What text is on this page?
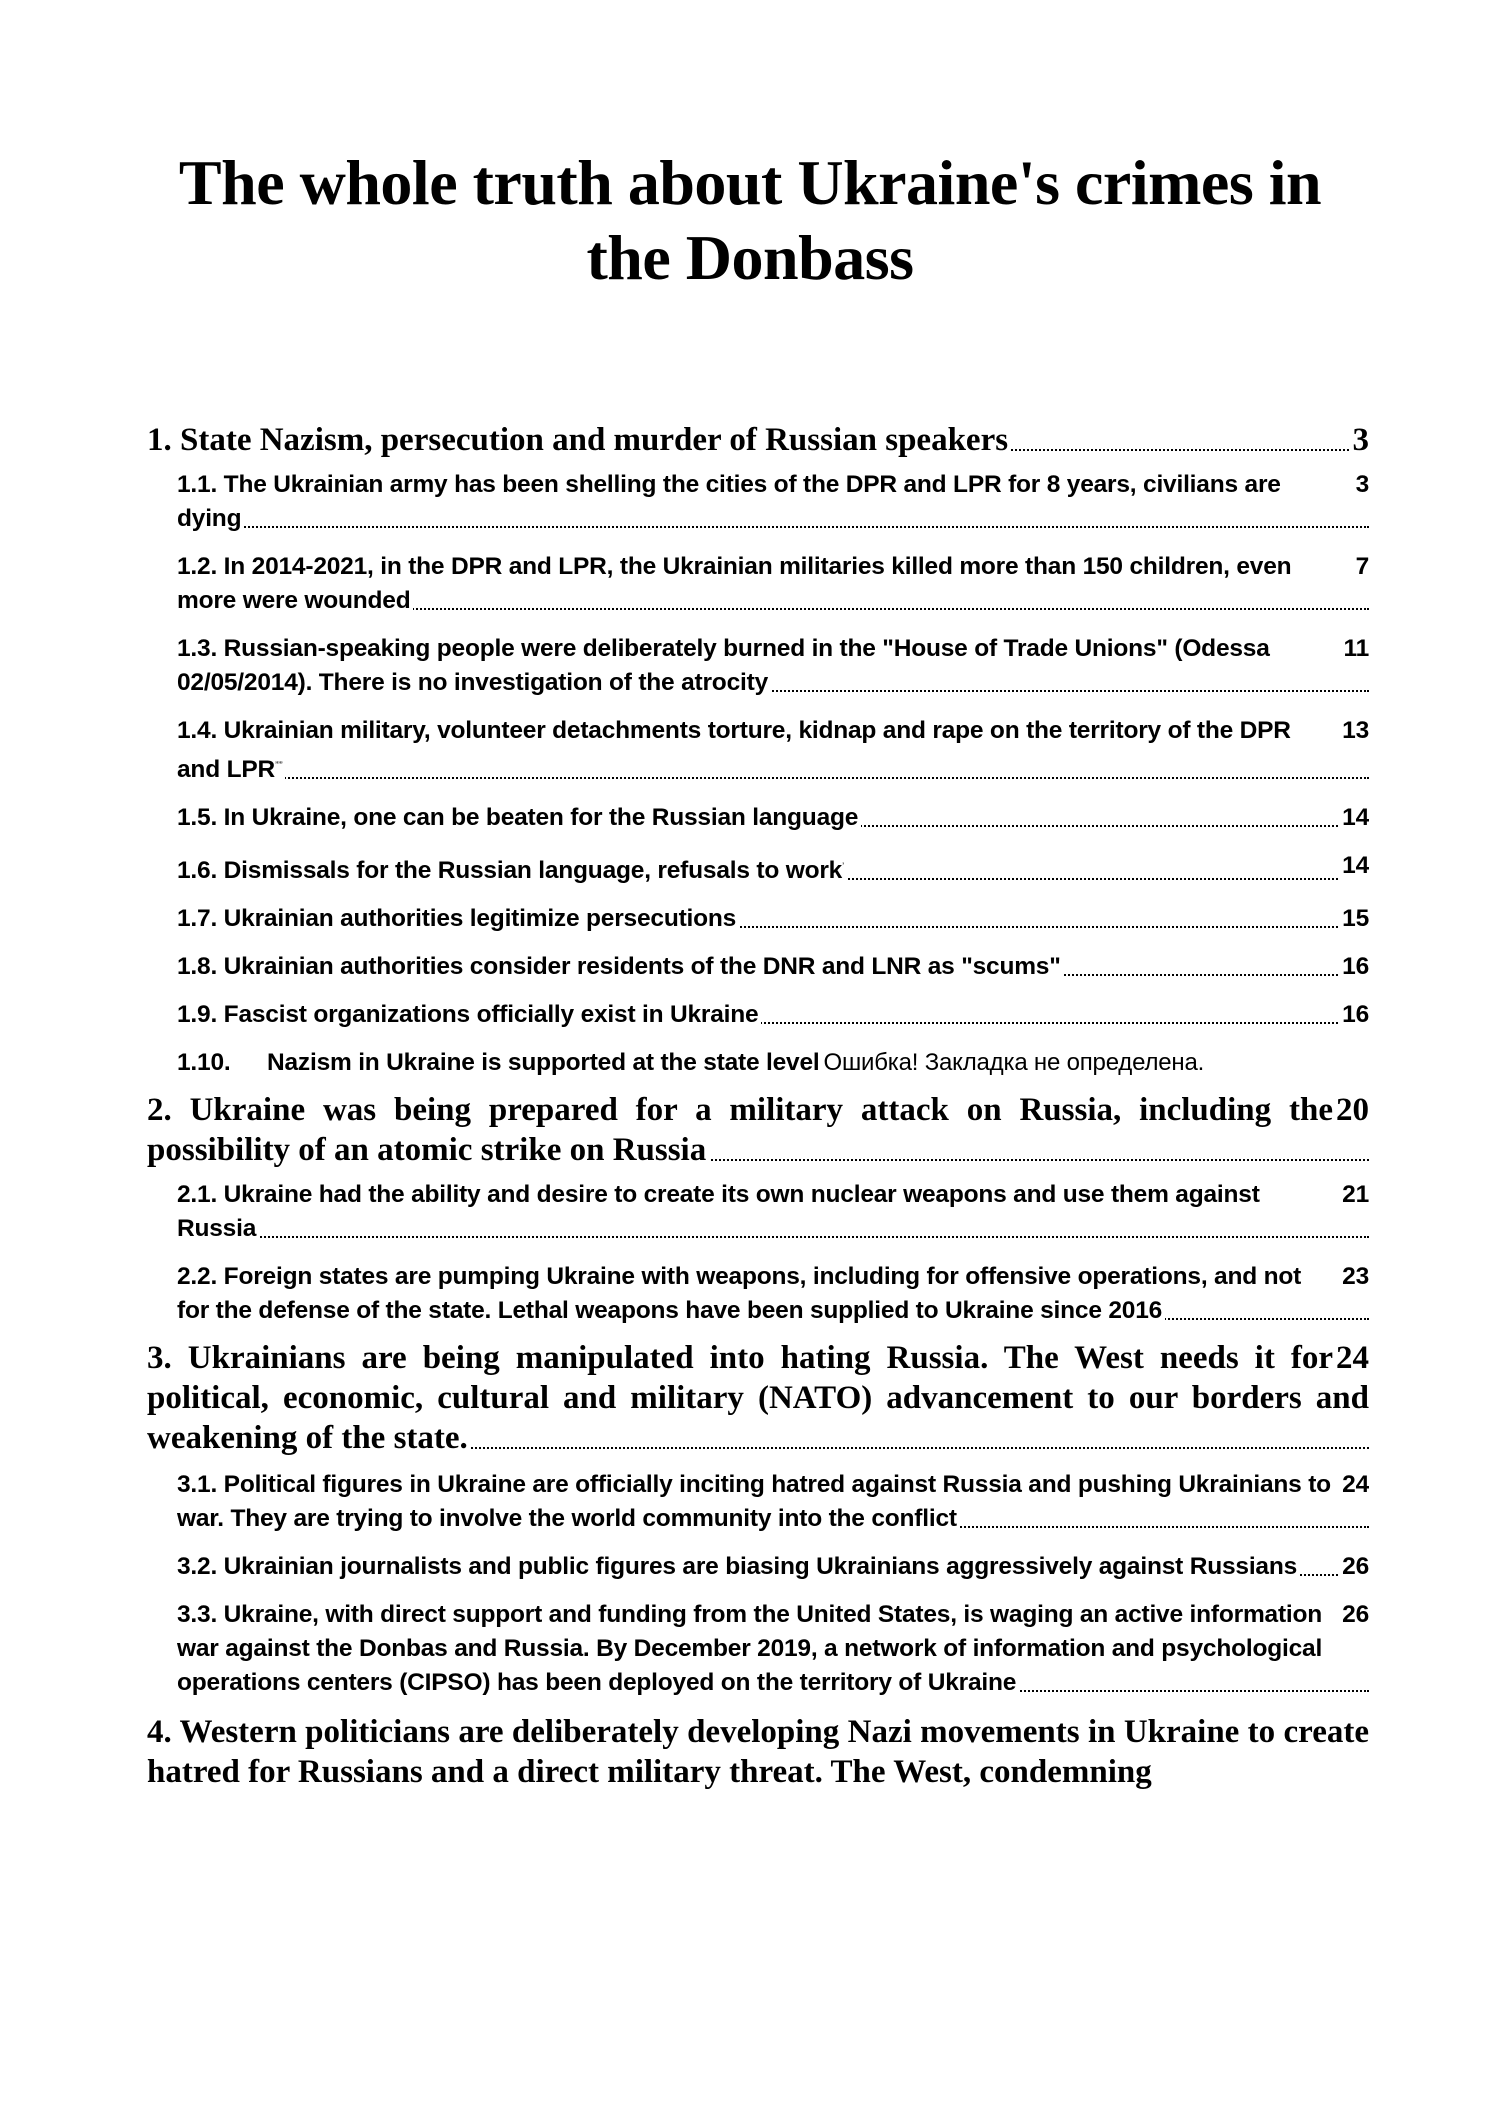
The whole truth about Ukraine's crimes in the Donbass
3
1. State Nazism, persecution and murder of Russian speakers
3
1.1. The Ukrainian army has been shelling the cities of the DPR and LPR for 8 years, civilians are dying
7
1.2. In 2014-2021, in the DPR and LPR, the Ukrainian militaries killed more than 150 children, even more were wounded
11
1.3. Russian-speaking people were deliberately burned in the "House of Trade Unions" (Odessa 02/05/2014). There is no investigation of the atrocity
13
1.4. Ukrainian military, volunteer detachments torture, kidnap and rape on the territory of the DPR and LPR’””
14
1.5. In Ukraine, one can be beaten for the Russian language
14
1.6. Dismissals for the Russian language, refusals to work’
15
1.7. Ukrainian authorities legitimize persecutions
16
1.8. Ukrainian authorities consider residents of the DNR and LNR as "scums"
16
1.9. Fascist organizations officially exist in Ukraine
1.10. Nazism in Ukraine is supported at the state level Ошибка! Закладка не определена.
20
2. Ukraine was being prepared for a military attack on Russia, including the possibility of an atomic strike on Russia
21
2.1. Ukraine had the ability and desire to create its own nuclear weapons and use them against Russia
23
2.2. Foreign states are pumping Ukraine with weapons, including for offensive operations, and not for the defense of the state. Lethal weapons have been supplied to Ukraine since 2016
24
3. Ukrainians are being manipulated into hating Russia. The West needs it for political, economic, cultural and military (NATO) advancement to our borders and weakening of the state.
24
3.1. Political figures in Ukraine are officially inciting hatred against Russia and pushing Ukrainians to war. They are trying to involve the world community into the conflict
26
3.2. Ukrainian journalists and public figures are biasing Ukrainians aggressively against Russians
26
3.3. Ukraine, with direct support and funding from the United States, is waging an active information war against the Donbas and Russia. By December 2019, a network of information and psychological operations centers (CIPSO) has been deployed on the territory of Ukraine
4. Western politicians are deliberately developing Nazi movements in Ukraine to create hatred for Russians and a direct military threat. The West, condemning
